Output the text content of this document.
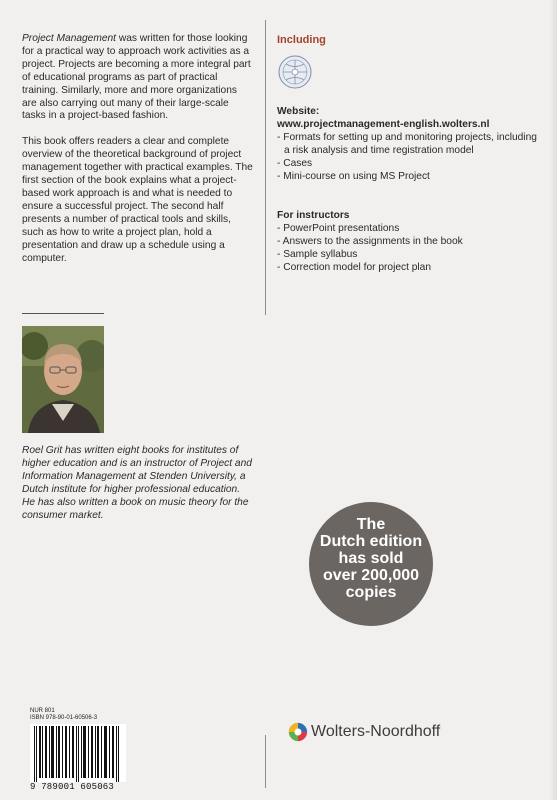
Project Management was written for those looking for a practical way to approach work activities as a project. Projects are becoming a more integral part of educational programs as part of practical training. Similarly, more and more organizations are also carrying out many of their large-scale tasks in a project-based fashion.

This book offers readers a clear and complete overview of the theoretical background of project management together with practical examples. The first section of the book explains what a project-based work approach is and what is needed to ensure a successful project. The second half presents a number of practical tools and skills, such as how to write a project plan, hold a presentation and draw up a schedule using a computer.

Including
Website:
www.projectmanagement-english.wolters.nl
- Formats for setting up and monitoring projects, including a risk analysis and time registration model
- Cases
- Mini-course on using MS Project
For instructors
- PowerPoint presentations
- Answers to the assignments in the book
- Sample syllabus
- Correction model for project plan
Roel Grit has written eight books for institutes of higher education and is an instructor of Project and Information Management at Stenden University, a Dutch institute for higher professional education. He has also written a book on music theory for the consumer market.
The
Dutch edition
has sold
over 200,000
copies
NUR 801
ISBN 978-90-01-60506-3
9 789001 605063
Wolters-Noordhoff
